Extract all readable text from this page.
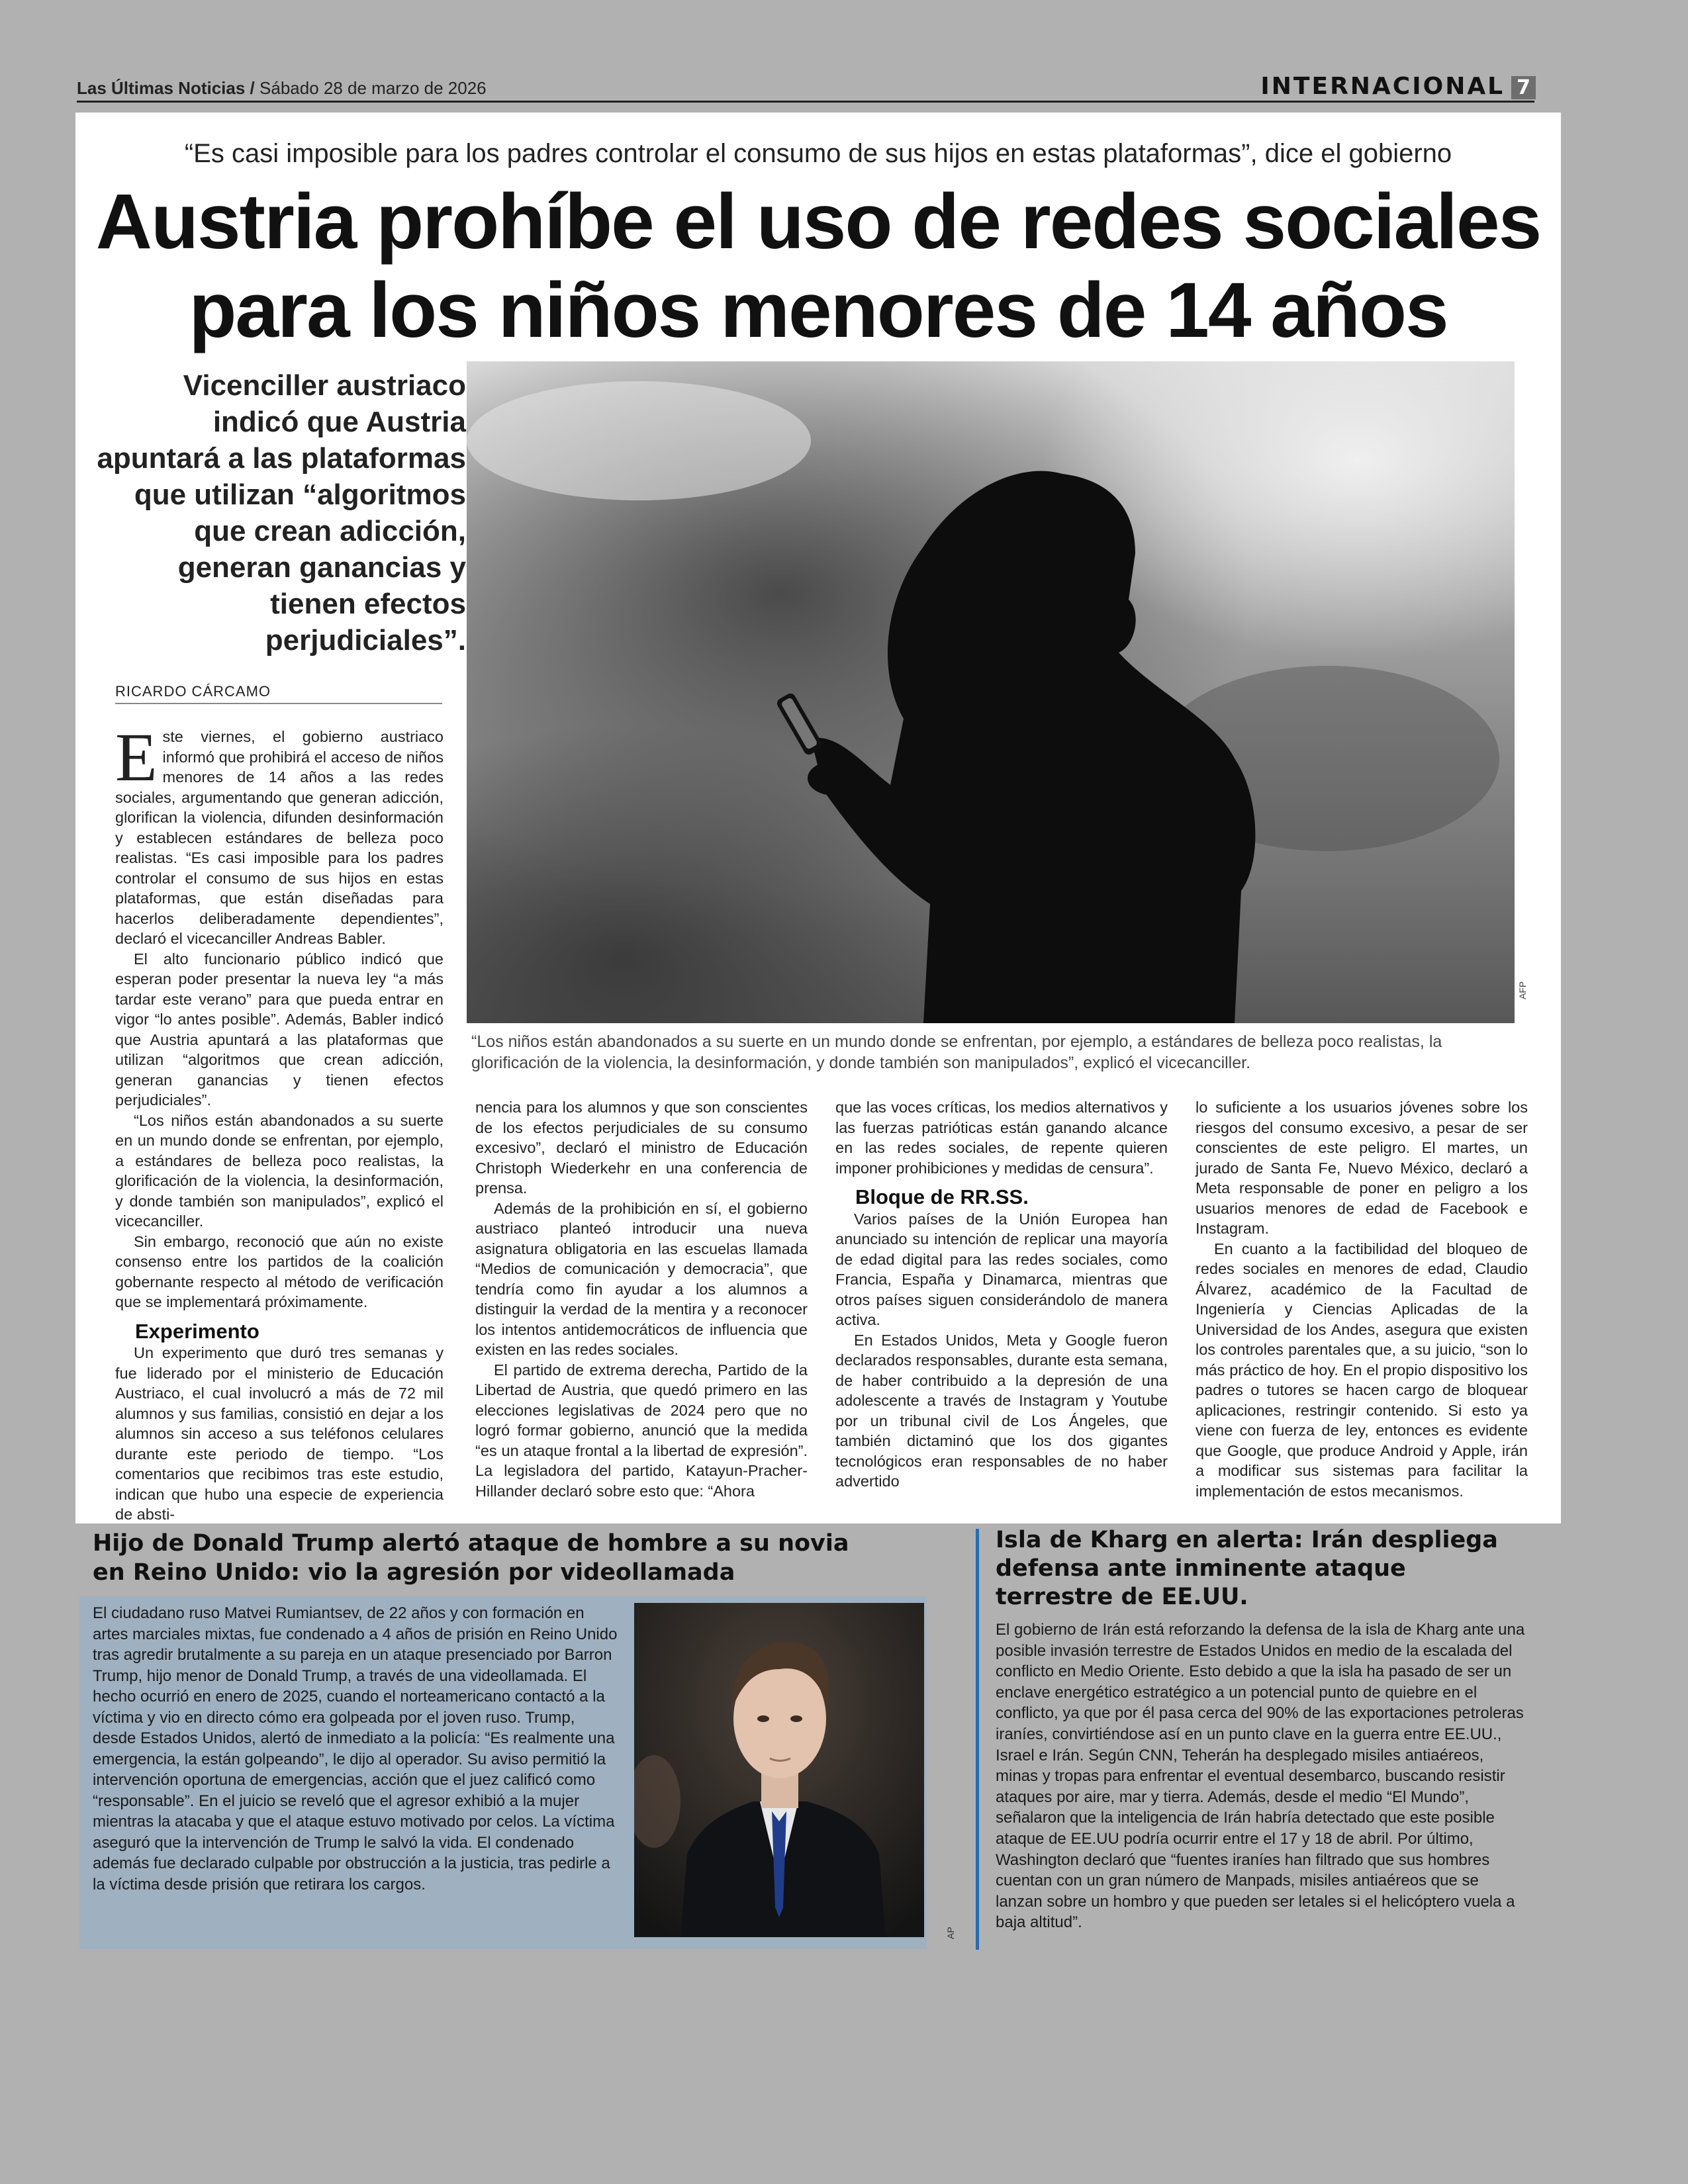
Las Últimas Noticias / Sábado 28 de marzo de 2026	INTERNACIONAL 7
“Es casi imposible para los padres controlar el consumo de sus hijos en estas plataformas”, dice el gobierno
Austria prohíbe el uso de redes sociales
para los niños menores de 14 años
Vicenciller austriaco indicó que Austria apuntará a las plataformas que utilizan “algoritmos que crean adicción, generan ganancias y tienen efectos perjudiciales”.
AFP
“Los niños están abandonados a su suerte en un mundo donde se enfrentan, por ejemplo, a estándares de belleza poco realistas, la glorificación de la violencia, la desinformación, y donde también son manipulados”, explicó el vicecanciller.
RICARDO CÁRCAMO

Este viernes, el gobierno austriaco informó que prohibirá el acceso de niños menores de 14 años a las redes sociales, argumentando que generan adicción, glorifican la violencia, difunden desinformación y establecen estándares de belleza poco realistas. “Es casi imposible para los padres controlar el consumo de sus hijos en estas plataformas, que están diseñadas para hacerlos deliberadamente dependientes”, declaró el vicecanciller Andreas Babler.

El alto funcionario público indicó que esperan poder presentar la nueva ley “a más tardar este verano” para que pueda entrar en vigor “lo antes posible”. Además, Babler indicó que Austria apuntará a las plataformas que utilizan “algoritmos que crean adicción, generan ganancias y tienen efectos perjudiciales”.

“Los niños están abandonados a su suerte en un mundo donde se enfrentan, por ejemplo, a estándares de belleza poco realistas, la glorificación de la violencia, la desinformación, y donde también son manipulados”, explicó el vicecanciller.

Sin embargo, reconoció que aún no existe consenso entre los partidos de la coalición gobernante respecto al método de verificación que se implementará próximamente.

Experimento

Un experimento que duró tres semanas y fue liderado por el ministerio de Educación Austriaco, el cual involucró a más de 72 mil alumnos y sus familias, consistió en dejar a los alumnos sin acceso a sus teléfonos celulares durante este periodo de tiempo. “Los comentarios que recibimos tras este estudio, indican que hubo una especie de experiencia de absti-

nencia para los alumnos y que son conscientes de los efectos perjudiciales de su consumo excesivo”, declaró el ministro de Educación Christoph Wiederkehr en una conferencia de prensa.

Además de la prohibición en sí, el gobierno austriaco planteó introducir una nueva asignatura obligatoria en las escuelas llamada “Medios de comunicación y democracia”, que tendría como fin ayudar a los alumnos a distinguir la verdad de la mentira y a reconocer los intentos antidemocráticos de influencia que existen en las redes sociales.

El partido de extrema derecha, Partido de la Libertad de Austria, que quedó primero en las elecciones legislativas de 2024 pero que no logró formar gobierno, anunció que la medida “es un ataque frontal a la libertad de expresión”. La legisladora del partido, Katayun-Pracher-Hillander declaró sobre esto que: “Ahora

que las voces críticas, los medios alternativos y las fuerzas patrióticas están ganando alcance en las redes sociales, de repente quieren imponer prohibiciones y medidas de censura”.

Bloque de RR.SS.

Varios países de la Unión Europea han anunciado su intención de replicar una mayoría de edad digital para las redes sociales, como Francia, España y Dinamarca, mientras que otros países siguen considerándolo de manera activa.

En Estados Unidos, Meta y Google fueron declarados responsables, durante esta semana, de haber contribuido a la depresión de una adolescente a través de Instagram y Youtube por un tribunal civil de Los Ángeles, que también dictaminó que los dos gigantes tecnológicos eran responsables de no haber advertido

lo suficiente a los usuarios jóvenes sobre los riesgos del consumo excesivo, a pesar de ser conscientes de este peligro. El martes, un jurado de Santa Fe, Nuevo México, declaró a Meta responsable de poner en peligro a los usuarios menores de edad de Facebook e Instagram.

En cuanto a la factibilidad del bloqueo de redes sociales en menores de edad, Claudio Álvarez, académico de la Facultad de Ingeniería y Ciencias Aplicadas de la Universidad de los Andes, asegura que existen los controles parentales que, a su juicio, “son lo más práctico de hoy. En el propio dispositivo los padres o tutores se hacen cargo de bloquear aplicaciones, restringir contenido. Si esto ya viene con fuerza de ley, entonces es evidente que Google, que produce Android y Apple, irán a modificar sus sistemas para facilitar la implementación de estos mecanismos.

Hijo de Donald Trump alertó ataque de hombre a su novia en Reino Unido: vio la agresión por videollamada
El ciudadano ruso Matvei Rumiantsev, de 22 años y con formación en artes marciales mixtas, fue condenado a 4 años de prisión en Reino Unido tras agredir brutalmente a su pareja en un ataque presenciado por Barron Trump, hijo menor de Donald Trump, a través de una videollamada. El hecho ocurrió en enero de 2025, cuando el norteamericano contactó a la víctima y vio en directo cómo era golpeada por el joven ruso. Trump, desde Estados Unidos, alertó de inmediato a la policía: “Es realmente una emergencia, la están golpeando”, le dijo al operador. Su aviso permitió la intervención oportuna de emergencias, acción que el juez calificó como “responsable”. En el juicio se reveló que el agresor exhibió a la mujer mientras la atacaba y que el ataque estuvo motivado por celos. La víctima aseguró que la intervención de Trump le salvó la vida. El condenado además fue declarado culpable por obstrucción a la justicia, tras pedirle a la víctima desde prisión que retirara los cargos.
AP
Isla de Kharg en alerta: Irán despliega defensa ante inminente ataque terrestre de EE.UU.
El gobierno de Irán está reforzando la defensa de la isla de Kharg ante una posible invasión terrestre de Estados Unidos en medio de la escalada del conflicto en Medio Oriente. Esto debido a que la isla ha pasado de ser un enclave energético estratégico a un potencial punto de quiebre en el conflicto, ya que por él pasa cerca del 90% de las exportaciones petroleras iraníes, convirtiéndose así en un punto clave en la guerra entre EE.UU., Israel e Irán. Según CNN, Teherán ha desplegado misiles antiaéreos, minas y tropas para enfrentar el eventual desembarco, buscando resistir ataques por aire, mar y tierra. Además, desde el medio “El Mundo”, señalaron que la inteligencia de Irán habría detectado que este posible ataque de EE.UU podría ocurrir entre el 17 y 18 de abril. Por último, Washington declaró que “fuentes iraníes han filtrado que sus hombres cuentan con un gran número de Manpads, misiles antiaéreos que se lanzan sobre un hombro y que pueden ser letales si el helicóptero vuela a baja altitud”.
